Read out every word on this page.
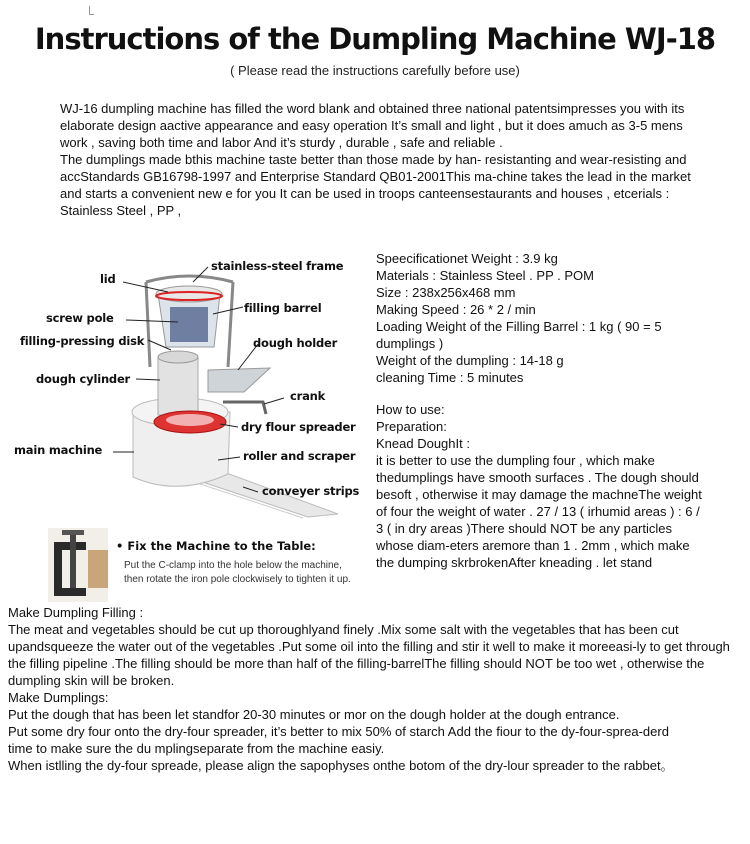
Instructions of the Dumpling Machine WJ-18
( Please read the instructions carefully before use)

WJ-16 dumpling machine has filled the word blank and obtained three national patentsimpresses you with its elaborate design aactive appearance and easy operation It’s small and light , but it does amuch as 3-5 mens work , saving both time and labor And it’s sturdy , durable , safe and reliable .

The dumplings made bthis machine taste better than those made by han- resistanting and wear-resisting and accStandards GB16798-1997 and Enterprise Standard QB01-2001This ma-chine takes the lead in the market and starts a convenient new e for you It can be used in troops canteensestaurants and houses , etcerials : Stainless Steel , PP ,

stainless-steel frame
lid
filling barrel
screw pole
filling-pressing disk	dough holder
dough cylinder
crank
dry flour spreader
main machine	roller and scraper
conveyer strips
Speecificationet Weight : 3.9 kg
Materials : Stainless Steel . PP . POM
Size : 238x256x468 mm
Making Speed : 26 * 2 / min
Loading Weight of the Filling Barrel : 1 kg ( 90 = 5 dumplings )
Weight of the dumpling : 14-18 g
cleaning Time : 5 minutes
How to use:
Preparation:
Knead DoughIt :
it is better to use the dumpling four , which make thedumplings have smooth surfaces . The dough should besoft , otherwise it may damage the machneThe weight of four the weight of water . 27 / 13 ( irhumid areas ) : 6 / 3 ( in dry areas )There should NOT be any particles whose diam-eters aremore than 1 . 2mm , which make the dumping skrbrokenAfter kneading . let stand
• Fix the Machine to the Table:
Put the C-clamp into the hole below the machine,
then rotate the iron pole clockwisely to tighten it up.
Make Dumpling Filling :
The meat and vegetables should be cut up thoroughlyand finely .Mix some salt with the vegetables that has been cut upandsqueeze the water out of the vegetables .Put some oil into the filling and stir it well to make it moreeasi-ly to get through the filling pipeline .The filling should be more than half of the filling-barrelThe filling should NOT be too wet , otherwise the dumpling skin will be broken.
Make Dumplings:
Put the dough that has been let standfor 20-30 minutes or mor on the dough holder at the dough entrance.
Put some dry four onto the dry-four spreader, it’s better to mix 50% of starch Add the fiour to the dy-four-sprea-derd
time to make sure the du mplingseparate from the machine easiy.
When istlling the dy-four spreade, please align the sapophyses onthe botom of the dry-lour spreader to the rabbet。
